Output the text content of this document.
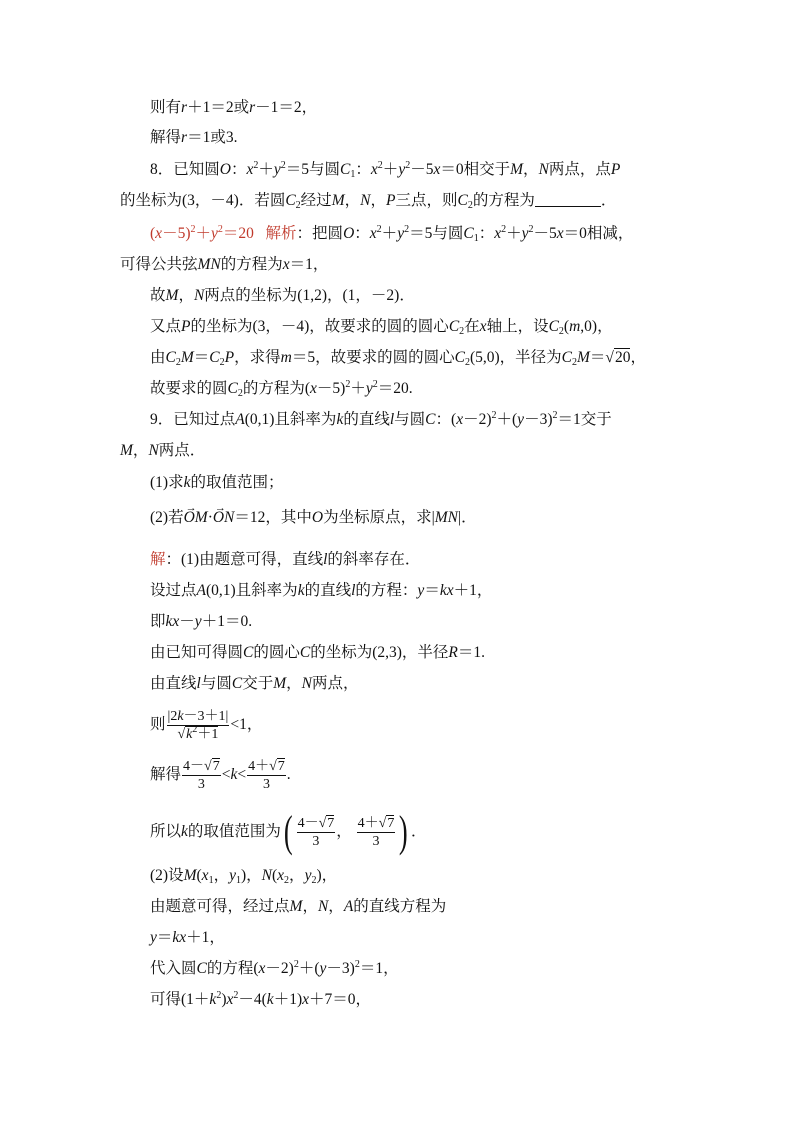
则有r＋1＝2或r－1＝2，
解得r＝1或3.
8．已知圆O：$x^2+y^2=5$与圆$C_1$：$x^2+y^2-5x=0$相交于M，N两点，点P
的坐标为(3，－4)．若圆$C_2$经过M，N，P三点，则$C_2$的方程为	．
$(x-5)^2+y^2=20$ 解析：把圆O：$x^2+y^2=5$与圆$C_1$：$x^2+y^2-5x=0$相减，
可得公共弦MN的方程为x＝1，
故M，N两点的坐标为(1,2)，(1，－2)．
又点P的坐标为(3，－4)，故要求的圆的圆心$C_2$在x轴上，设$C_2(m,0)$，
由$C_2M=C_2P$，求得m＝5，故要求的圆的圆心$C_2(5,0)$，半径为$C_2M=√20$，
故要求的圆$C_2$的方程为$(x-5)^2+y^2=20$.
9．已知过点A(0,1)且斜率为k的直线l与圆C：$(x-2)^2+(y-3)^2=1$交于
M，N两点．
(1)求k的取值范围；
(2)若→ OM·→ ON＝12，其中O为坐标原点，求|MN|．
解：(1)由题意可得，直线l的斜率存在．
设过点A(0,1)且斜率为k的直线l的方程：y＝kx＋1，
即kx－y＋1＝0.
由已知可得圆C的圆心C的坐标为(2,3)，半径R＝1.
由直线l与圆C交于M，N两点，
则 $\frac{|2k-3+1|}{√k^2+1} <1$，
解得 $\frac{4-√7}{3} <k< \frac{4+√7}{3}$ .
所以k的取值范围为( $\frac{4-√7}{3}$ ， $\frac{4+√7}{3}$ ) ．
(2)设$M(x_1$，$y_1$)，$N(x_2$，$y_2$)，
由题意可得，经过点M，N，A的直线方程为
y＝kx＋1，
代入圆C的方程$(x-2)^2+(y-3)^2=1$，
可得$(1+k^2)x^2-4(k+1)x+7=0$，
